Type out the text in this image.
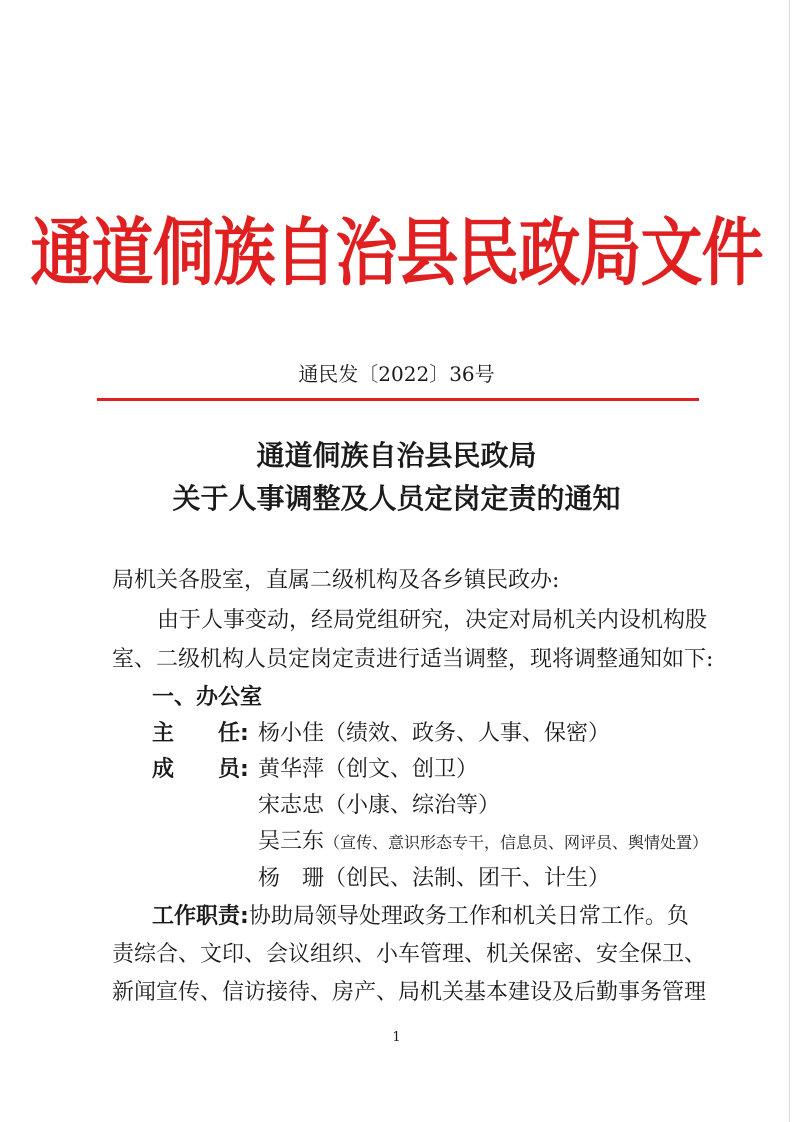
通道侗族自治县民政局文件
通民发〔2022〕36号
通道侗族自治县民政局
关于人事调整及人员定岗定责的通知
局机关各股室，直属二级机构及各乡镇民政办:
由于人事变动，经局党组研究，决定对局机关内设机构股
室、二级机构人员定岗定责进行适当调整，现将调整通知如下:
一、办公室
主　　任: 杨小佳（绩效、政务、人事、保密）
成　　员: 黄华萍（创文、创卫）
宋志忠（小康、综治等）
吴三东（宣传、意识形态专干，信息员、网评员、舆情处置）
杨　珊（创民、法制、团干、计生）
工作职责:协助局领导处理政务工作和机关日常工作。负
责综合、文印、会议组织、小车管理、机关保密、安全保卫、
新闻宣传、信访接待、房产、局机关基本建设及后勤事务管理
1
